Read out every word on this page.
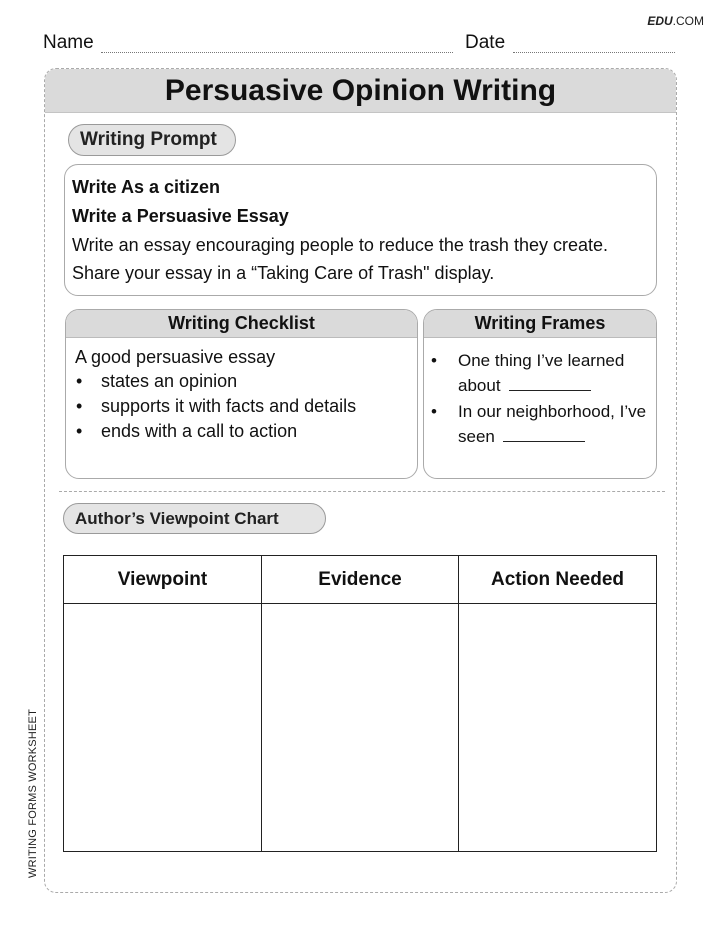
EDU.COM
Name	Date
Persuasive Opinion Writing
Writing Prompt
Write As a citizen
Write a Persuasive Essay
Write an essay encouraging people to reduce the trash they create. Share your essay in a “Taking Care of Trash" display.
Writing Checklist
A good persuasive essay
• states an opinion
• supports it with facts and details
• ends with a call to action
Writing Frames
• One thing I’ve learned about
• In our neighborhood, I’ve seen
Author’s Viewpoint Chart
Viewpoint	Evidence	Action Needed
WRITING FORMS WORKSHEET
